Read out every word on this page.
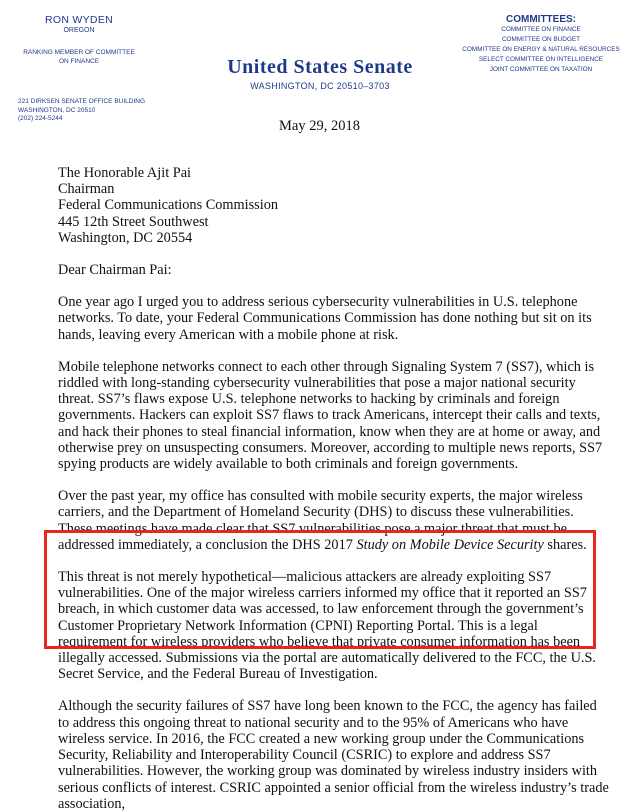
RON WYDEN
OREGON
RANKING MEMBER OF COMMITTEE ON FINANCE
221 DIRKSEN SENATE OFFICE BUILDING
WASHINGTON, DC 20510
(202) 224-5244
United States Senate
WASHINGTON, DC 20510–3703
COMMITTEES:
COMMITTEE ON FINANCE
COMMITTEE ON BUDGET
COMMITTEE ON ENERGY & NATURAL RESOURCES
SELECT COMMITTEE ON INTELLIGENCE
JOINT COMMITTEE ON TAXATION
May 29, 2018
The Honorable Ajit Pai
Chairman
Federal Communications Commission
445 12th Street Southwest
Washington, DC 20554

Dear Chairman Pai:

One year ago I urged you to address serious cybersecurity vulnerabilities in U.S. telephone networks. To date, your Federal Communications Commission has done nothing but sit on its hands, leaving every American with a mobile phone at risk.

Mobile telephone networks connect to each other through Signaling System 7 (SS7), which is riddled with long-standing cybersecurity vulnerabilities that pose a major national security threat. SS7’s flaws expose U.S. telephone networks to hacking by criminals and foreign governments. Hackers can exploit SS7 flaws to track Americans, intercept their calls and texts, and hack their phones to steal financial information, know when they are at home or away, and otherwise prey on unsuspecting consumers. Moreover, according to multiple news reports, SS7 spying products are widely available to both criminals and foreign governments.

Over the past year, my office has consulted with mobile security experts, the major wireless carriers, and the Department of Homeland Security (DHS) to discuss these vulnerabilities. These meetings have made clear that SS7 vulnerabilities pose a major threat that must be addressed immediately, a conclusion the DHS 2017 Study on Mobile Device Security shares.

This threat is not merely hypothetical—malicious attackers are already exploiting SS7 vulnerabilities. One of the major wireless carriers informed my office that it reported an SS7 breach, in which customer data was accessed, to law enforcement through the government’s Customer Proprietary Network Information (CPNI) Reporting Portal. This is a legal requirement for wireless providers who believe that private consumer information has been illegally accessed. Submissions via the portal are automatically delivered to the FCC, the U.S. Secret Service, and the Federal Bureau of Investigation.

Although the security failures of SS7 have long been known to the FCC, the agency has failed to address this ongoing threat to national security and to the 95% of Americans who have wireless service. In 2016, the FCC created a new working group under the Communications Security, Reliability and Interoperability Council (CSRIC) to explore and address SS7 vulnerabilities. However, the working group was dominated by wireless industry insiders with serious conflicts of interest. CSRIC appointed a senior official from the wireless industry’s trade association,
